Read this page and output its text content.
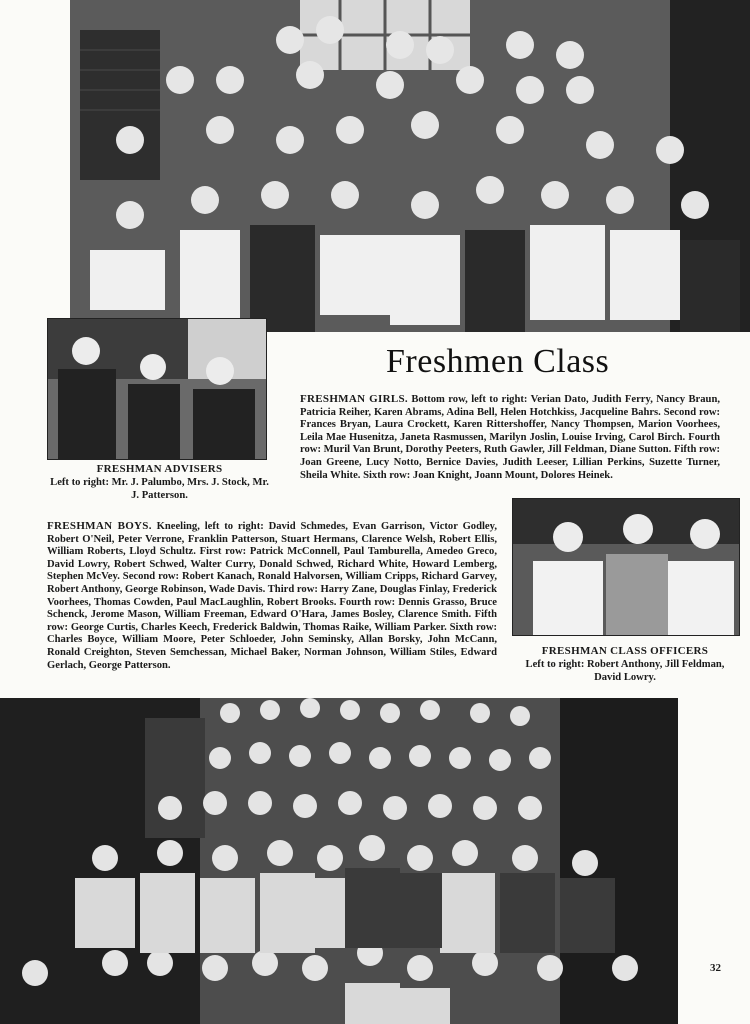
Freshmen Class
FRESHMAN GIRLS. Bottom row, left to right: Verian Dato, Judith Ferry, Nancy Braun, Patricia Reiher, Karen Abrams, Adina Bell, Helen Hotchkiss, Jacqueline Bahrs. Second row: Frances Bryan, Laura Crockett, Karen Rittershoffer, Nancy Thompsen, Marion Voorhees, Leila Mae Husenitza, Janeta Rasmussen, Marilyn Joslin, Louise Irving, Carol Birch. Fourth row: Muril Van Brunt, Dorothy Peeters, Ruth Gawler, Jill Feldman, Diane Sutton. Fifth row: Joan Greene, Lucy Notto, Bernice Davies, Judith Leeser, Lillian Perkins, Suzette Turner, Sheila White. Sixth row: Joan Knight, Joann Mount, Dolores Heinek.
FRESHMAN ADVISERS
Left to right: Mr. J. Palumbo, Mrs. J. Stock, Mr. J. Patterson.
FRESHMAN BOYS. Kneeling, left to right: David Schmedes, Evan Garrison, Victor Godley, Robert O'Neil, Peter Verrone, Franklin Patterson, Stuart Hermans, Clarence Welsh, Robert Ellis, William Roberts, Lloyd Schultz. First row: Patrick McConnell, Paul Tamburella, Amedeo Greco, David Lowry, Robert Schwed, Walter Curry, Donald Schwed, Richard White, Howard Lemberg, Stephen McVey. Second row: Robert Kanach, Ronald Halvorsen, William Cripps, Richard Garvey, Robert Anthony, George Robinson, Wade Davis. Third row: Harry Zane, Douglas Finlay, Frederick Voorhees, Thomas Cowden, Paul MacLaughlin, Robert Brooks. Fourth row: Dennis Grasso, Bruce Schenck, Jerome Mason, William Freeman, Edward O'Hara, James Bosley, Clarence Smith. Fifth row: George Curtis, Charles Keech, Frederick Baldwin, Thomas Raike, William Parker. Sixth row: Charles Boyce, William Moore, Peter Schloeder, John Seminsky, Allan Borsky, John McCann, Ronald Creighton, Steven Semchessan, Michael Baker, Norman Johnson, William Stiles, Edward Gerlach, George Patterson.
FRESHMAN CLASS OFFICERS
Left to right: Robert Anthony, Jill Feldman, David Lowry.
32
